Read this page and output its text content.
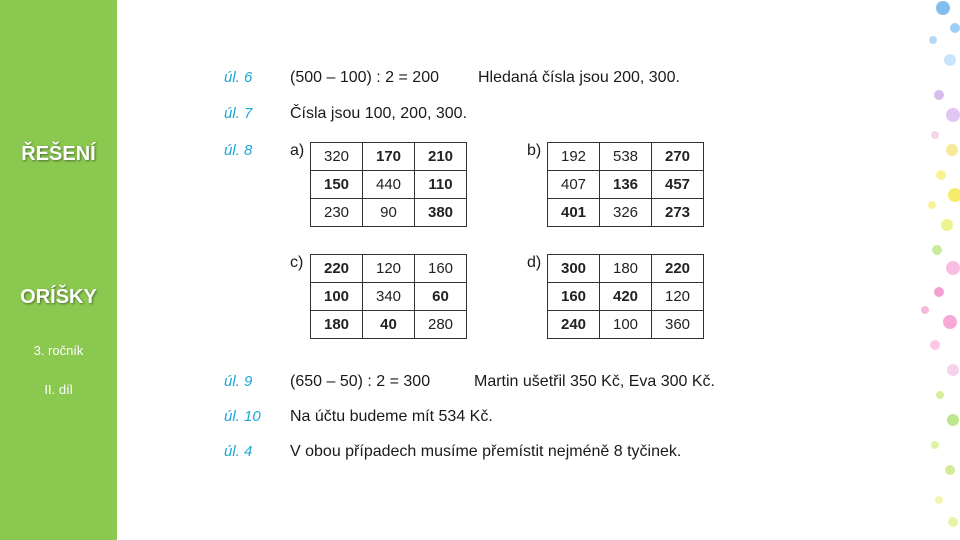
ŘEŠENÍ
ORÍŠKY
3. ročník
II. díl
úl. 6 (500 – 100) : 2 = 200 Hledaná čísla jsou 200, 300.
úl. 7 Čísla jsou 100, 200, 300.
úl. 8 a) 320	170	210
150	440	110
230	90	380
b) 192	538	270
407	136	457
401	326	273
c) 220	120	160
100	340	60
180	40	280
d) 300	180	220
160	420	120
240	100	360
úl. 9 (650 – 50) : 2 = 300	Martin ušetřil 350 Kč, Eva 300 Kč.
úl. 10 Na účtu budeme mít 534 Kč.
úl. 4 V obou případech musíme přemístit nejméně 8 tyčinek.
